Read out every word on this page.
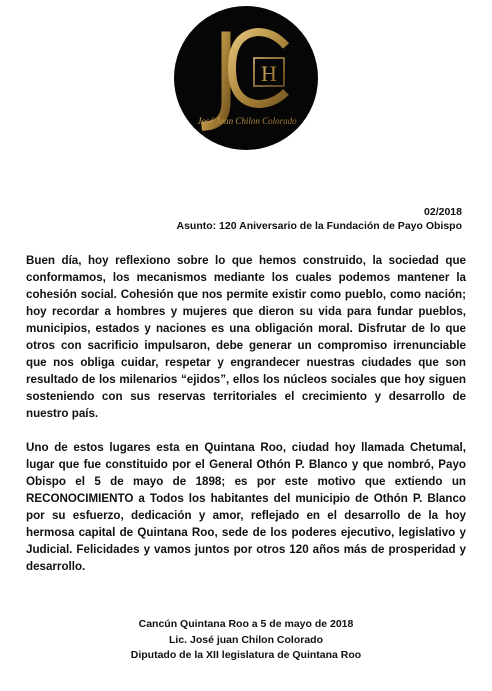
H
José Juan Chilon Colorado
02/2018
Asunto: 120 Aniversario de la Fundación de Payo Obispo

Buen día, hoy reflexiono sobre lo que hemos construido, la sociedad que conformamos, los mecanismos mediante los cuales podemos mantener la cohesión social. Cohesión que nos permite existir como pueblo, como nación; hoy recordar a hombres y mujeres que dieron su vida para fundar pueblos, municipios, estados y naciones es una obligación moral. Disfrutar de lo que otros con sacrificio impulsaron, debe generar un compromiso irrenunciable que nos obliga cuidar, respetar y engrandecer nuestras ciudades que son resultado de los milenarios “ejidos”, ellos los núcleos sociales que hoy siguen sosteniendo con sus reservas territoriales el crecimiento y desarrollo de nuestro país.

Uno de estos lugares esta en Quintana Roo, ciudad hoy llamada Chetumal, lugar que fue constituido por el General Othón P. Blanco y que nombró, Payo Obispo el 5 de mayo de 1898; es por este motivo que extiendo un RECONOCIMIENTO a Todos los habitantes del municipio de Othón P. Blanco por su esfuerzo, dedicación y amor, reflejado en el desarrollo de la hoy hermosa capital de Quintana Roo, sede de los poderes ejecutivo, legislativo y Judicial. Felicidades y vamos juntos por otros 120 años más de prosperidad y desarrollo.

Cancún Quintana Roo a 5 de mayo de 2018
Lic. José juan Chilon Colorado
Diputado de la XII legislatura de Quintana Roo
